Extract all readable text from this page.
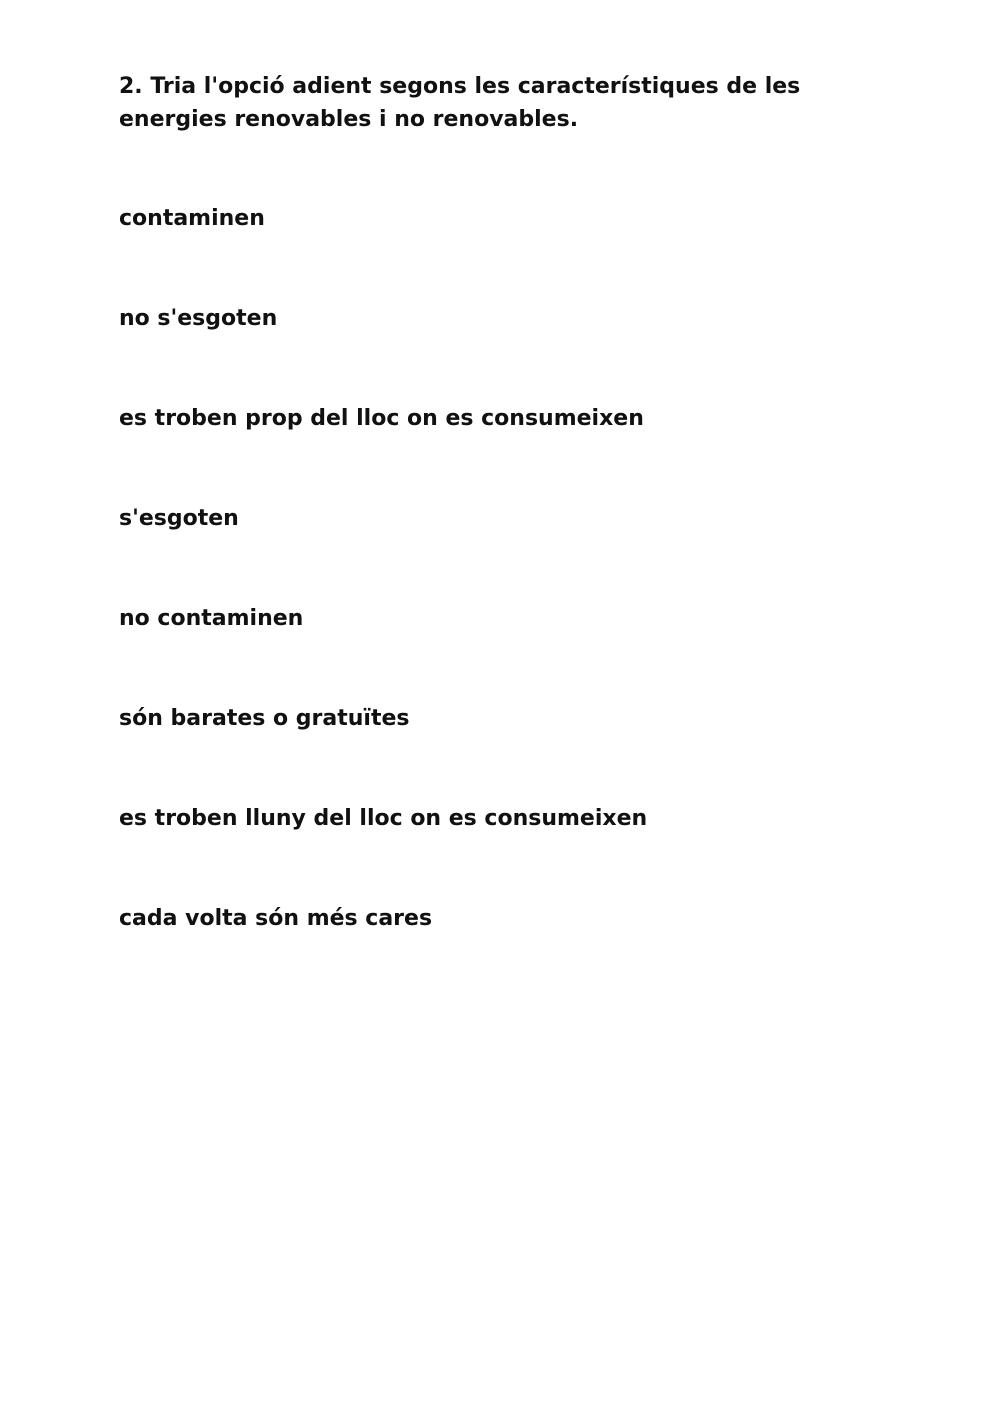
2. Tria l'opció adient segons les característiques de les energies renovables i no renovables.

contaminen
no s'esgoten
es troben prop del lloc on es consumeixen
s'esgoten
no contaminen
són barates o gratuïtes
es troben lluny del lloc on es consumeixen
cada volta són més cares
